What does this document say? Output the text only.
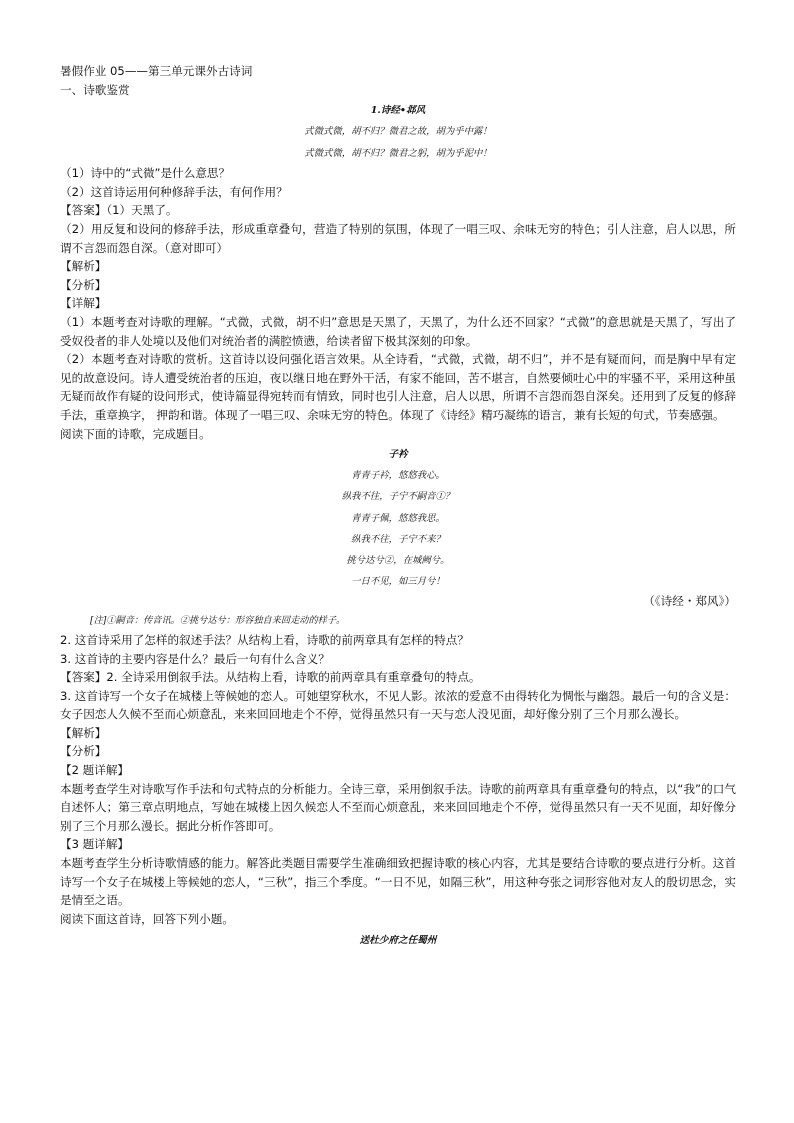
暑假作业 05——第三单元课外古诗词
一、诗歌鉴赏
1.诗经•邶风
式微式微，胡不归？微君之故，胡为乎中露！
式微式微，胡不归？微君之躬，胡为乎泥中！
（1）诗中的“式微”是什么意思？
（2）这首诗运用何种修辞手法，有何作用？
【答案】（1）天黑了。
（2）用反复和设问的修辞手法，形成重章叠句，营造了特别的氛围，体现了一唱三叹、余味无穷的特色；引人注意，启人以思，所谓不言怨而怨自深。（意对即可）
【解析】
【分析】
【详解】
（1）本题考查对诗歌的理解。“式微，式微，胡不归”意思是天黑了，天黑了，为什么还不回家？“式微”的意思就是天黑了，写出了受奴役者的非人处境以及他们对统治者的满腔愤懑，给读者留下极其深刻的印象。
（2）本题考查对诗歌的赏析。这首诗以设问强化语言效果。从全诗看，“式微，式微，胡不归”，并不是有疑而问，而是胸中早有定见的故意设问。诗人遭受统治者的压迫，夜以继日地在野外干活，有家不能回，苦不堪言，自然要倾吐心中的牢骚不平，采用这种虽无疑而故作有疑的设问形式，使诗篇显得宛转而有情致，同时也引人注意，启人以思，所谓不言怨而怨自深矣。还用到了反复的修辞手法，重章换字， 押韵和谐。体现了一唱三叹、余味无穷的特色。体现了《诗经》精巧凝练的语言，兼有长短的句式，节奏感强。
阅读下面的诗歌，完成题目。
子衿
青青子衿，悠悠我心。
纵我不往，子宁不嗣音①？
青青子佩，悠悠我思。
纵我不往，子宁不来？
挑兮达兮②，在城阙兮。
一日不见，如三月兮！
（《诗经・郑风》）
[注]①嗣音：传音讯。②挑兮达兮：形容独自来回走动的样子。
2. 这首诗采用了怎样的叙述手法？从结构上看，诗歌的前两章具有怎样的特点？
3. 这首诗的主要内容是什么？最后一句有什么含义？
【答案】2. 全诗采用倒叙手法。从结构上看，诗歌的前两章具有重章叠句的特点。
3. 这首诗写一个女子在城楼上等候她的恋人。可她望穿秋水，不见人影。浓浓的爱意不由得转化为惆怅与幽怨。最后一句的含义是：女子因恋人久候不至而心烦意乱，来来回回地走个不停，觉得虽然只有一天与恋人没见面，却好像分别了三个月那么漫长。
【解析】
【分析】
【2 题详解】
本题考查学生对诗歌写作手法和句式特点的分析能力。全诗三章，采用倒叙手法。诗歌的前两章具有重章叠句的特点，以“我”的口气自述怀人；第三章点明地点，写她在城楼上因久候恋人不至而心烦意乱，来来回回地走个不停，觉得虽然只有一天不见面，却好像分别了三个月那么漫长。据此分析作答即可。
【3 题详解】
本题考查学生分析诗歌情感的能力。解答此类题目需要学生准确细致把握诗歌的核心内容，尤其是要结合诗歌的要点进行分析。这首诗写一个女子在城楼上等候她的恋人，“三秋”，指三个季度。“一日不见，如隔三秋”，用这种夸张之词形容他对友人的殷切思念，实是情至之语。
阅读下面这首诗，回答下列小题。
送杜少府之任蜀州
